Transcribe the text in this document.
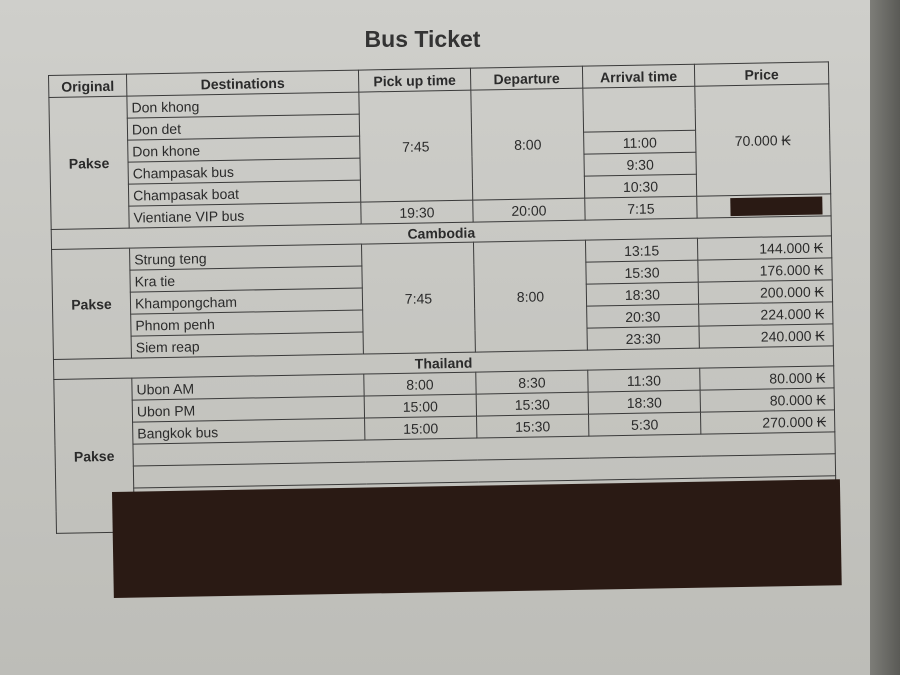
Bus Ticket
Original	Destinations	Pick up time	Departure	Arrival time	Price
Pakse	Don khong	7:45	8:00		70.000 ₭
	Don det				
	Don khone			11:00	
	Champasak bus			9:30	
	Champasak boat			10:30	
	Vientiane VIP bus	19:30	20:00	7:15	
Cambodia					
Pakse	Strung teng	7:45	8:00	13:15	144.000 ₭
	Kra tie			15:30	176.000 ₭
	Khampongcham			18:30	200.000 ₭
	Phnom penh			20:30	224.000 ₭
	Siem reap			23:30	240.000 ₭
Thailand					
Pakse	Ubon AM	8:00	8:30	11:30	80.000 ₭
	Ubon PM	15:00	15:30	18:30	80.000 ₭
	Bangkok bus	15:00	15:30	5:30	270.000 ₭
